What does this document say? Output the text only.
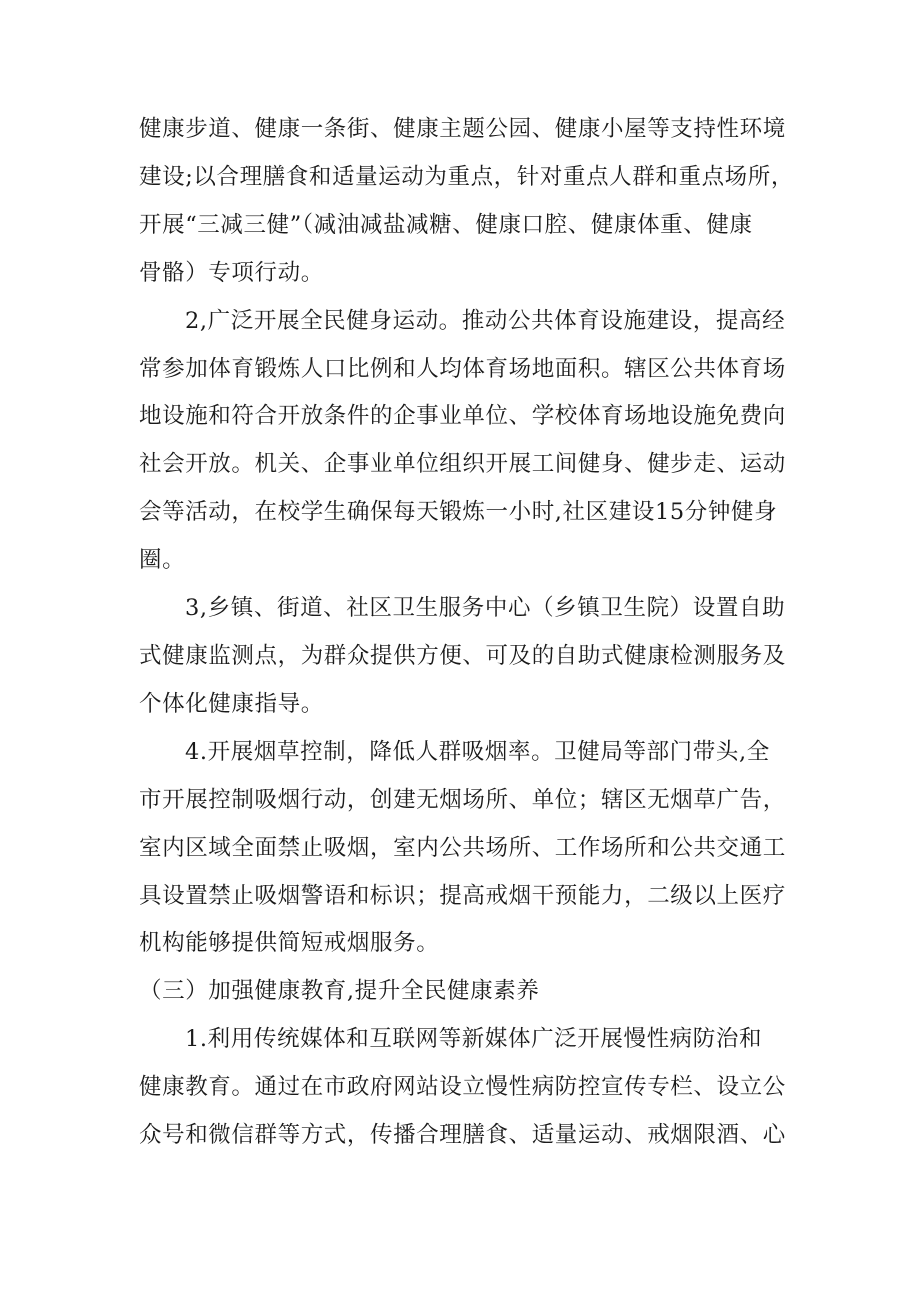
健康步道、健康一条街、健康主题公园、健康小屋等支持性环境
建设;以合理膳食和适量运动为重点，针对重点人群和重点场所，
开展“三减三健”（减油减盐减糖、健康口腔、健康体重、健康
骨骼）专项行动。

2,广泛开展全民健身运动。推动公共体育设施建设，提高经
常参加体育锻炼人口比例和人均体育场地面积。辖区公共体育场
地设施和符合开放条件的企事业单位、学校体育场地设施免费向
社会开放。机关、企事业单位组织开展工间健身、健步走、运动
会等活动，在校学生确保每天锻炼一小时,社区建设15分钟健身
圈。

3,乡镇、街道、社区卫生服务中心（乡镇卫生院）设置自助
式健康监测点，为群众提供方便、可及的自助式健康检测服务及
个体化健康指导。

4.开展烟草控制，降低人群吸烟率。卫健局等部门带头,全
市开展控制吸烟行动，创建无烟场所、单位；辖区无烟草广告，
室内区域全面禁止吸烟，室内公共场所、工作场所和公共交通工
具设置禁止吸烟警语和标识；提高戒烟干预能力，二级以上医疗
机构能够提供简短戒烟服务。

（三）加强健康教育,提升全民健康素养

1.利用传统媒体和互联网等新媒体广泛开展慢性病防治和
健康教育。通过在市政府网站设立慢性病防控宣传专栏、设立公
众号和微信群等方式，传播合理膳食、适量运动、戒烟限酒、心
